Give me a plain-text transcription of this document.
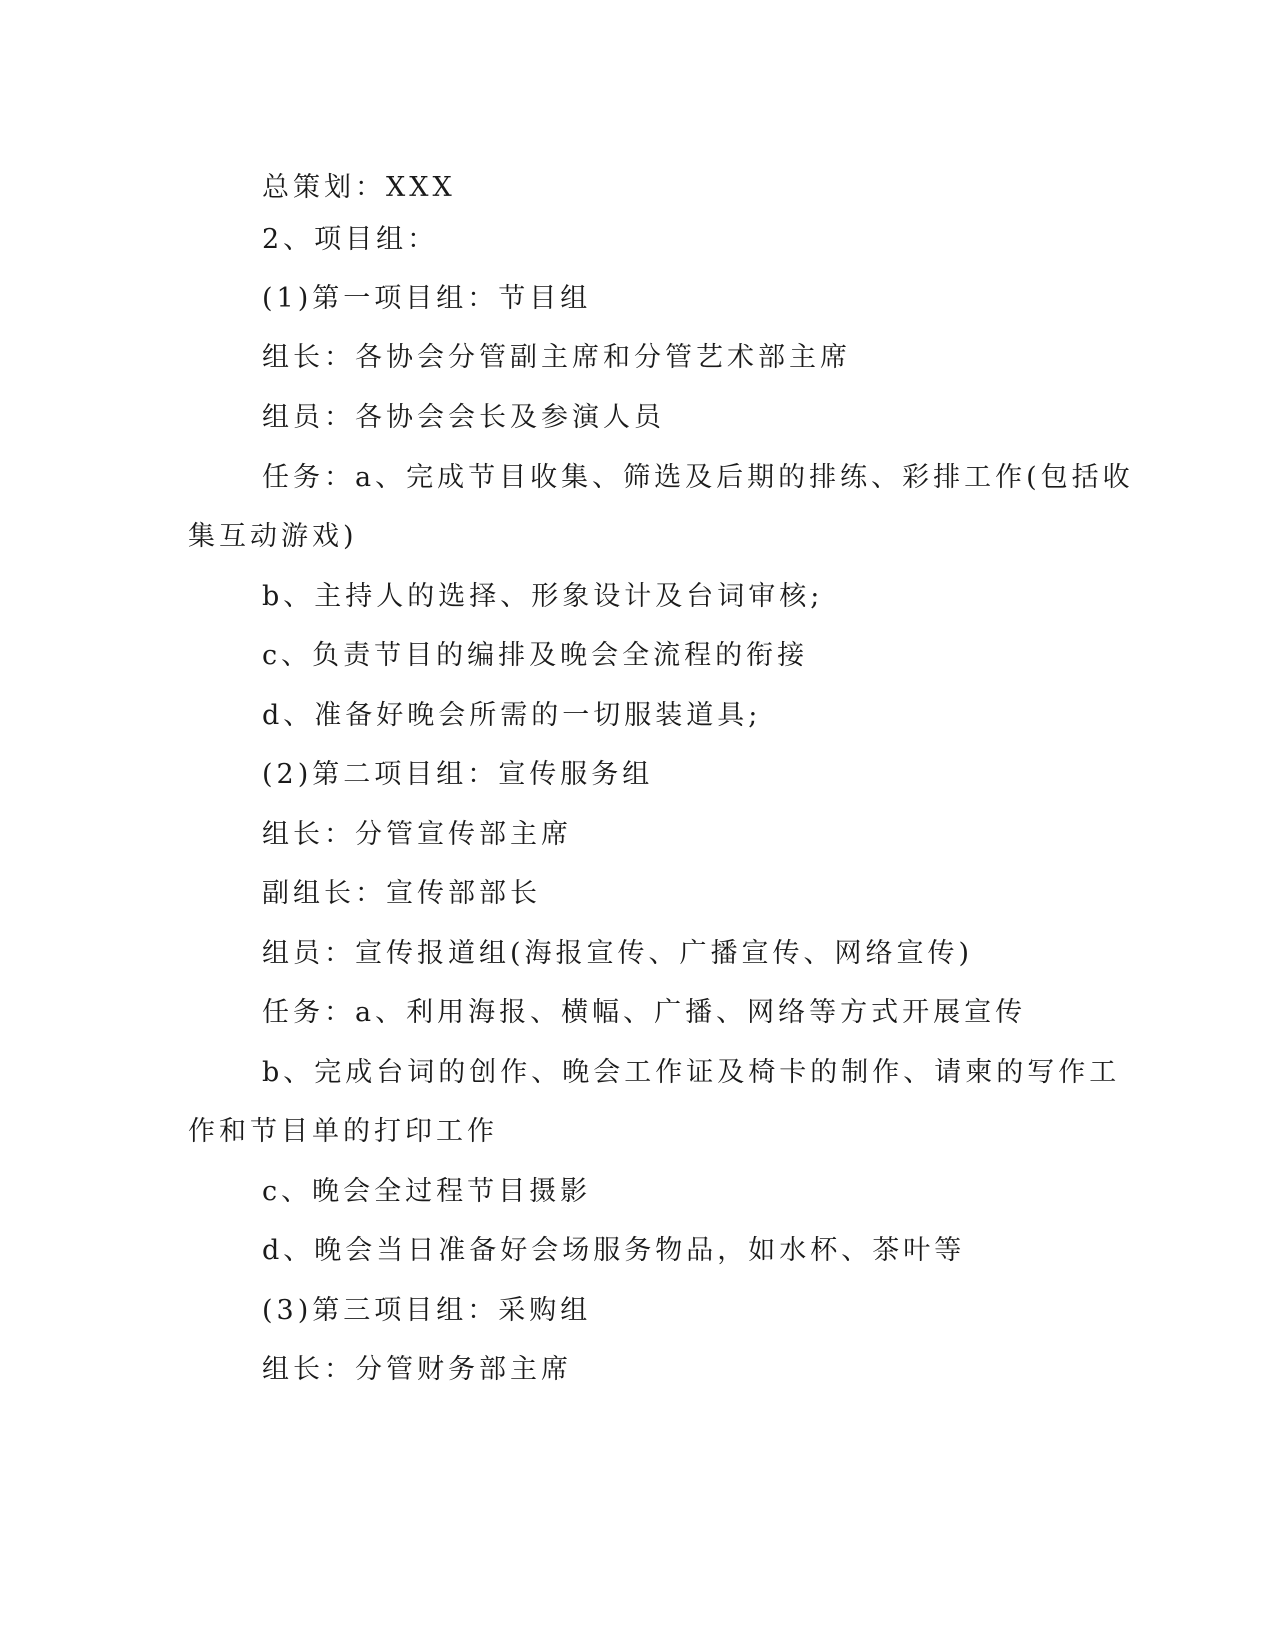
总策划：XXX

2、项目组：

(1)第一项目组：节目组

组长：各协会分管副主席和分管艺术部主席

组员：各协会会长及参演人员

任务：a、完成节目收集、筛选及后期的排练、彩排工作(包括收

集互动游戏)

b、主持人的选择、形象设计及台词审核;

c、负责节目的编排及晚会全流程的衔接

d、准备好晚会所需的一切服装道具;

(2)第二项目组：宣传服务组

组长：分管宣传部主席

副组长：宣传部部长

组员：宣传报道组(海报宣传、广播宣传、网络宣传)

任务：a、利用海报、横幅、广播、网络等方式开展宣传

b、完成台词的创作、晚会工作证及椅卡的制作、请柬的写作工

作和节目单的打印工作

c、晚会全过程节目摄影

d、晚会当日准备好会场服务物品，如水杯、茶叶等

(3)第三项目组：采购组

组长：分管财务部主席
